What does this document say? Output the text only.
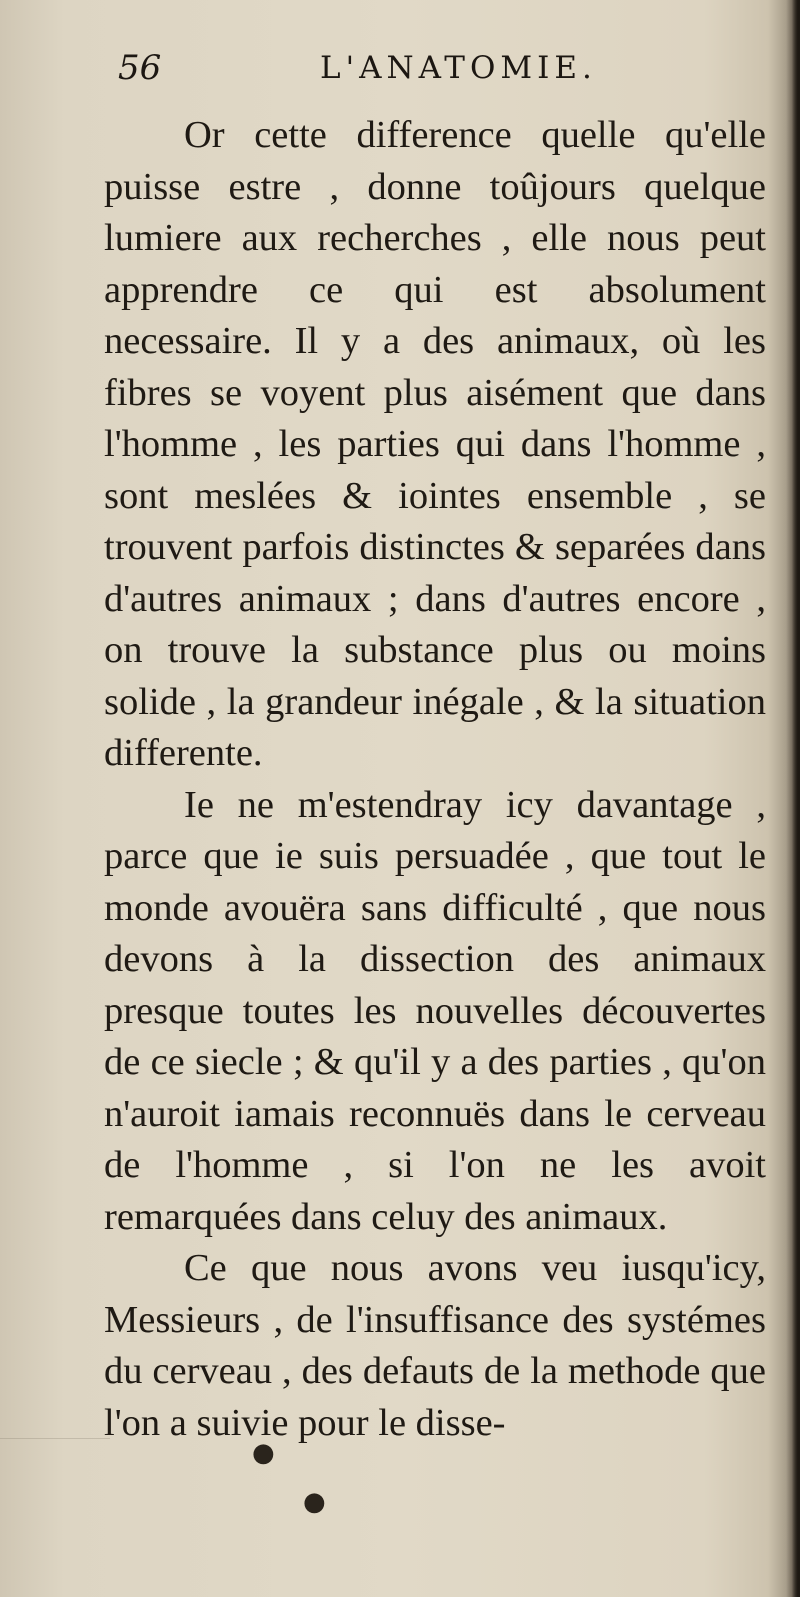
56	L'ANATOMIE.

Or cette difference quelle qu'elle puisse estre , donne toûjours quelque lumiere aux recherches , elle nous peut apprendre ce qui est absolument necessaire. Il y a des animaux, où les fibres se voyent plus aisément que dans l'homme , les parties qui dans l'homme , sont meslées & iointes ensemble , se trouvent parfois distinctes & separées dans d'autres animaux ; dans d'autres encore , on trouve la substance plus ou moins solide , la grandeur inégale , & la situation differente.

Ie ne m'estendray icy davantage , parce que ie suis persuadée , que tout le monde avouëra sans difficulté , que nous devons à la dissection des animaux presque toutes les nouvelles découvertes de ce siecle ; & qu'il y a des parties , qu'on n'auroit iamais reconnuës dans le cerveau de l'homme , si l'on ne les avoit remarquées dans celuy des animaux.

Ce que nous avons veu iusqu'icy, Messieurs , de l'insuffisance des systémes du cerveau , des defauts de la methode que l'on a suivie pour le disse-

●
●
